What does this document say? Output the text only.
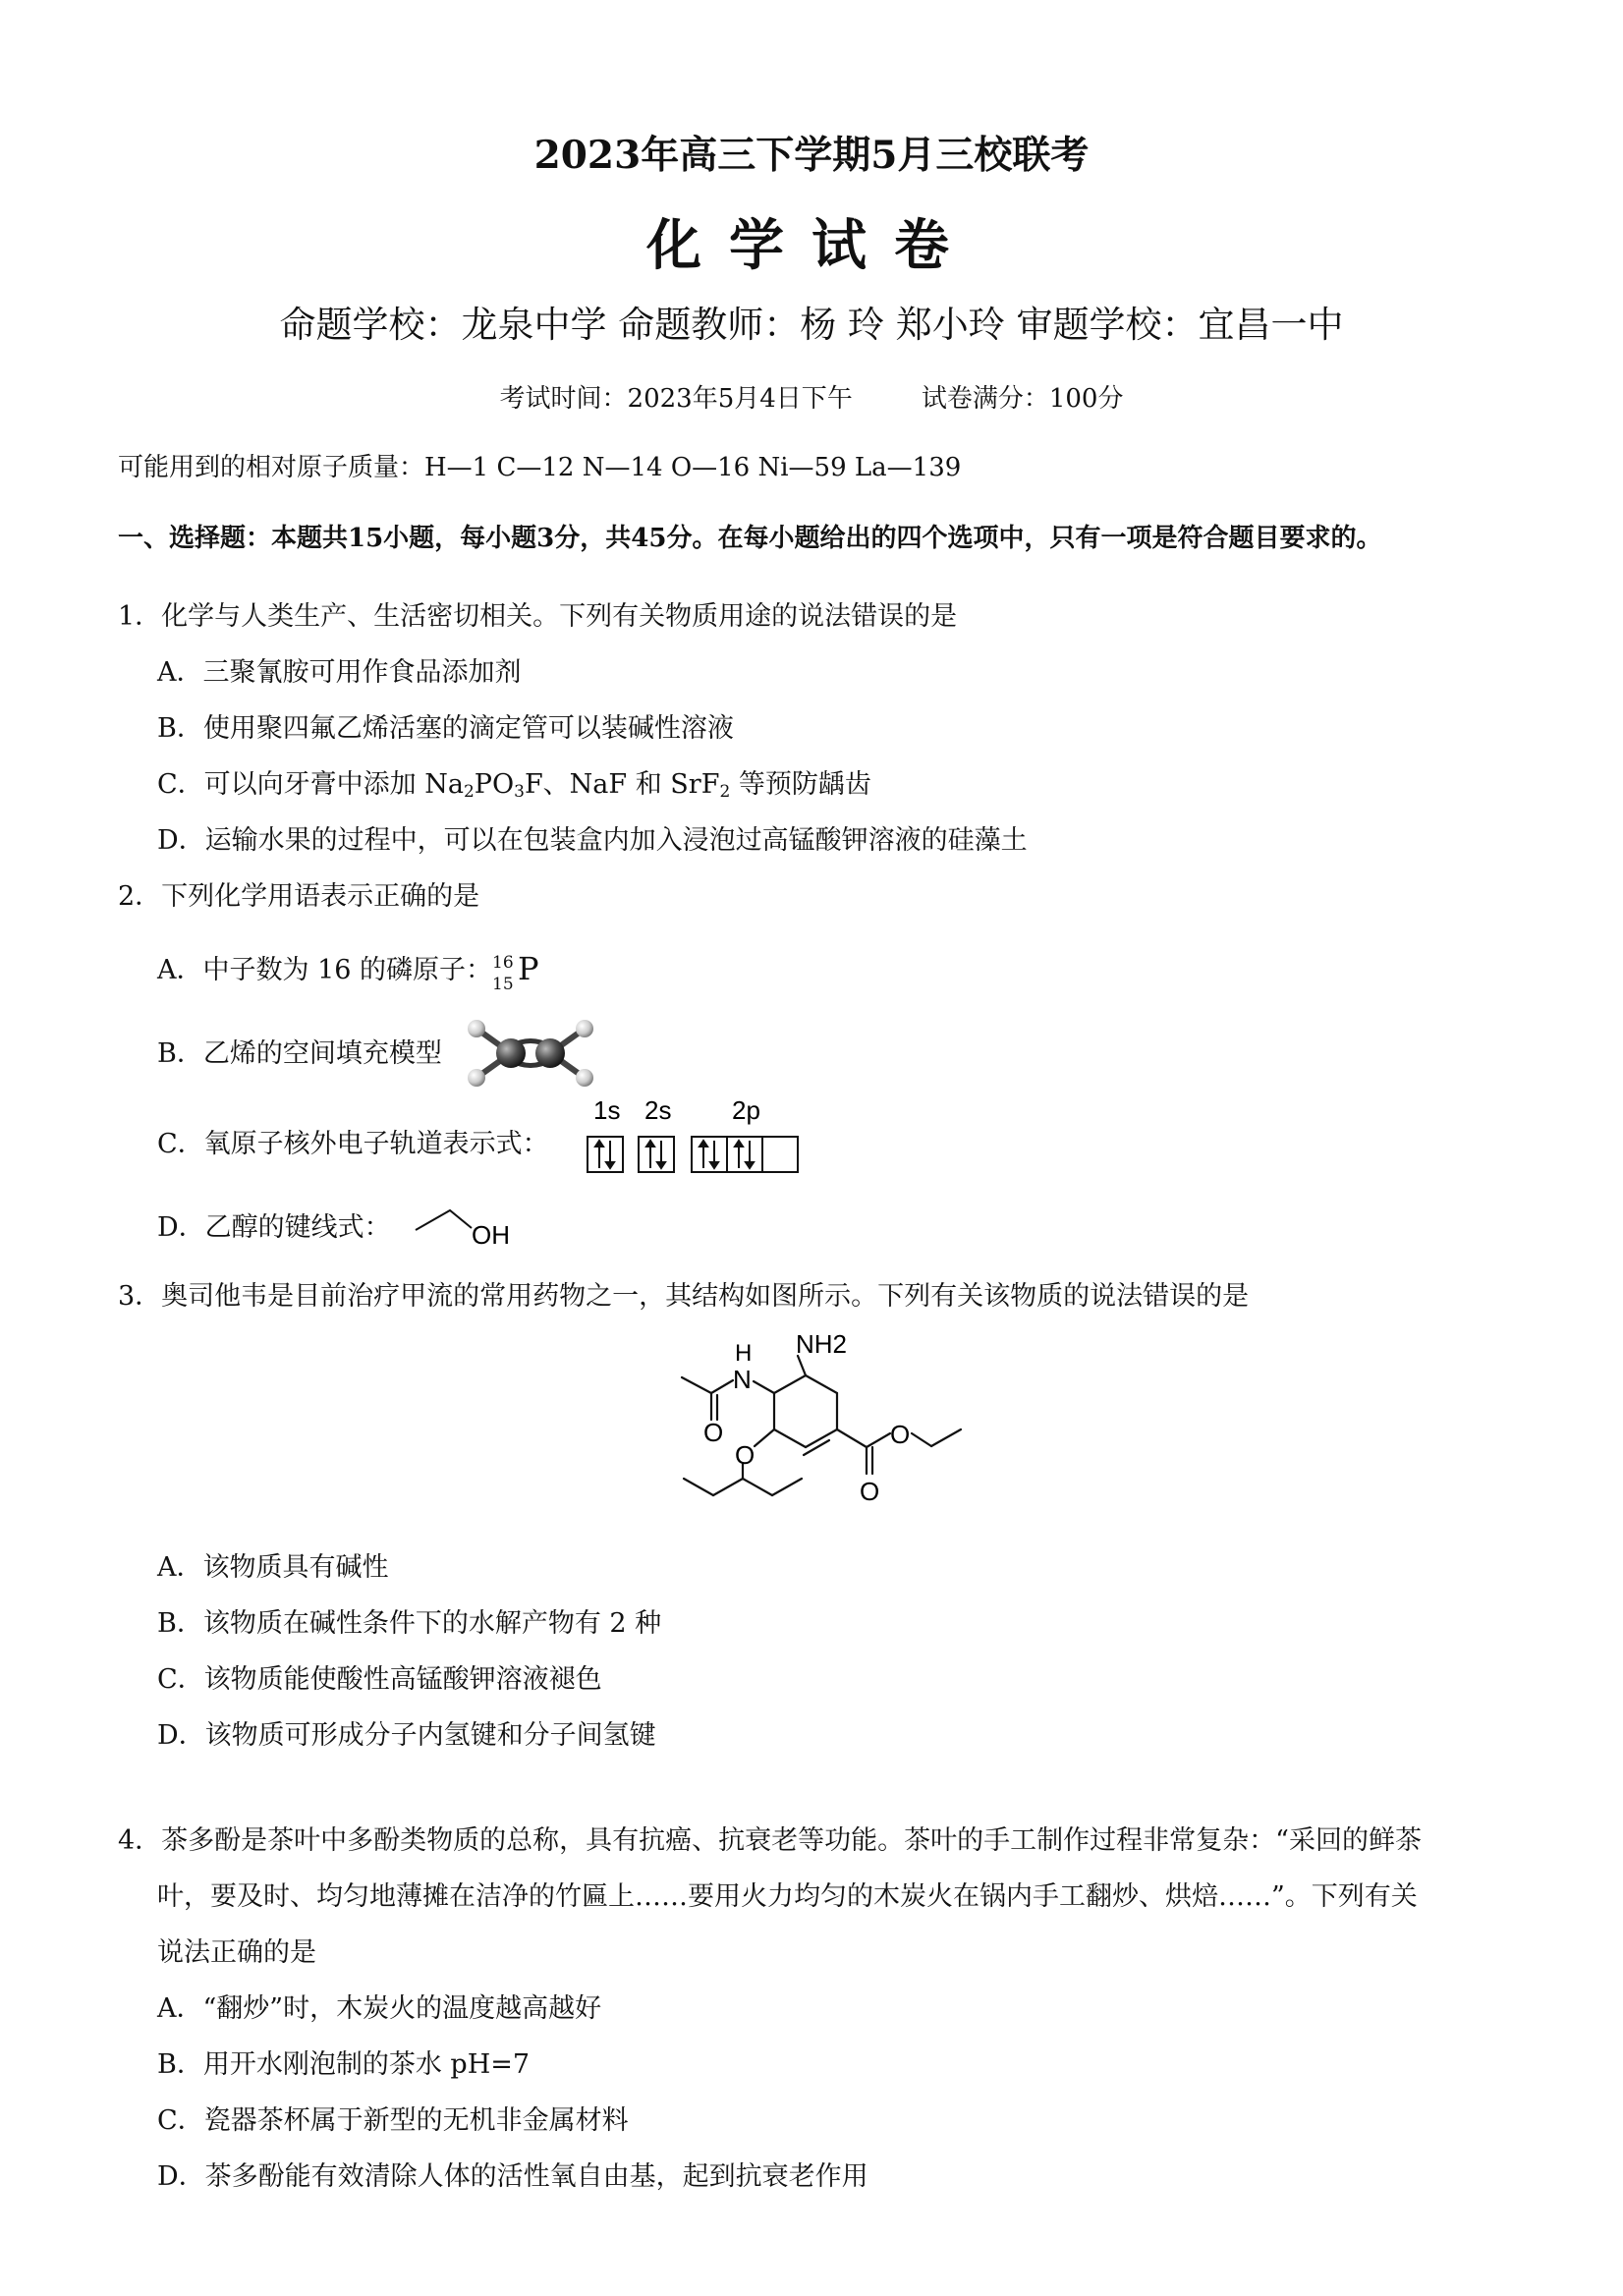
2023年高三下学期5月三校联考
化学试卷
命题学校：龙泉中学 命题教师：杨 玲 郑小玲 审题学校：宜昌一中
考试时间：2023年5月4日下午	试卷满分：100分
可能用到的相对原子质量：H—1 C—12 N—14 O—16 Ni—59 La—139
一、选择题：本题共15小题，每小题3分，共45分。在每小题给出的四个选项中，只有一项是符合题目要求的。
1．化学与人类生产、生活密切相关。下列有关物质用途的说法错误的是
A．三聚氰胺可用作食品添加剂
B．使用聚四氟乙烯活塞的滴定管可以装碱性溶液
C．可以向牙膏中添加 $Na_2PO_3F$、NaF 和 SrF$_2$ 等预防龋齿
D．运输水果的过程中，可以在包装盒内加入浸泡过高锰酸钾溶液的硅藻土
2．下列化学用语表示正确的是
A．中子数为 16 的磷原子： 16
15 P
B．乙烯的空间填充模型
C．氧原子核外电子轨道表示式：
1s 2s 2p
D．乙醇的键线式：	OH
3．奥司他韦是目前治疗甲流的常用药物之一，其结构如图所示。下列有关该物质的说法错误的是
NH2
H
N
O
O
O
O
A．该物质具有碱性
B．该物质在碱性条件下的水解产物有 2 种
C．该物质能使酸性高锰酸钾溶液褪色
D．该物质可形成分子内氢键和分子间氢键
4．茶多酚是茶叶中多酚类物质的总称，具有抗癌、抗衰老等功能。茶叶的手工制作过程非常复杂：“采回的鲜茶
叶，要及时、均匀地薄摊在洁净的竹匾上……要用火力均匀的木炭火在锅内手工翻炒、烘焙……”。下列有关
说法正确的是
A．“翻炒”时，木炭火的温度越高越好
B．用开水刚泡制的茶水 pH=7
C．瓷器茶杯属于新型的无机非金属材料
D．茶多酚能有效清除人体的活性氧自由基，起到抗衰老作用
